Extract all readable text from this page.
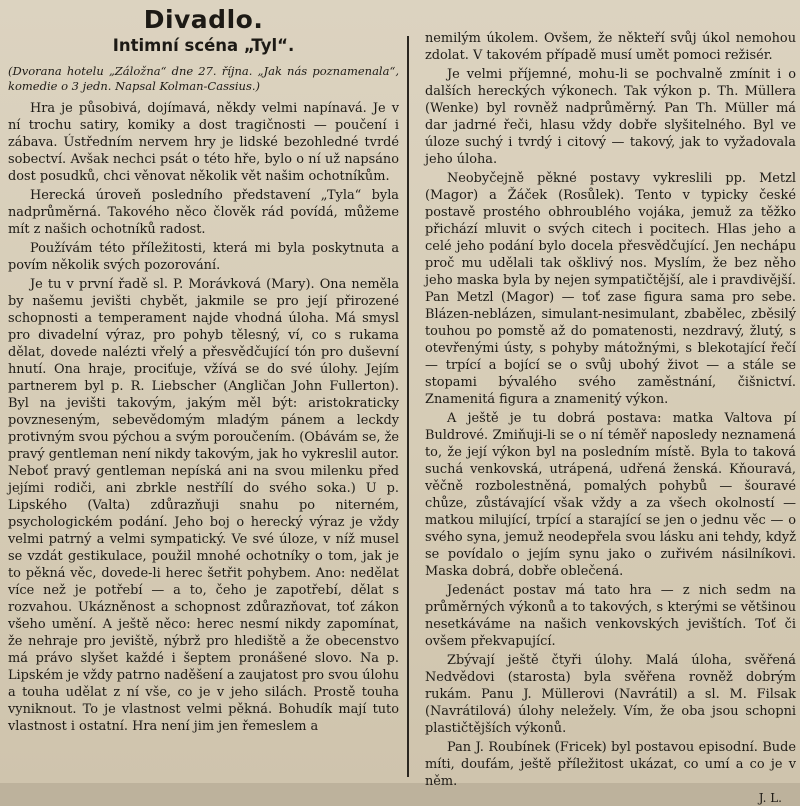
Divadlo.
Intimní scéna „Tyl“.

(Dvorana hotelu „Záložna“ dne 27. října. „Jak nás poznamenala“, komedie o 3 jedn. Napsal Kolman-Cassius.)

Hra je působivá, dojímavá, někdy velmi napínavá. Je v ní trochu satiry, komiky a dost tragičnosti — poučení i zábava. Ústředním nervem hry je lidské bezohledné tvrdé sobectví. Avšak nechci psát o této hře, bylo o ní už napsáno dost posudků, chci věnovat několik vět našim ochotníkům.

Herecká úroveň posledního představení „Tyla“ byla nadprůměrná. Takového něco člověk rád povídá, můžeme mít z našich ochotníků radost.

Používám této příležitosti, která mi byla poskytnuta a povím několik svých pozorování.

Je tu v první řadě sl. P. Morávková (Mary). Ona neměla by našemu jevišti chybět, jakmile se pro její přirozené schopnosti a temperament najde vhodná úloha. Má smysl pro divadelní výraz, pro pohyb tělesný, ví, co s rukama dělat, dovede nalézti vřelý a přesvědčující tón pro duševní hnutí. Ona hraje, prociťuje, vžívá se do své úlohy. Jejím partnerem byl p. R. Liebscher (Angličan John Fullerton). Byl na jevišti takovým, jakým měl být: aristokraticky povzneseným, sebevědomým mladým pánem a leckdy protivným svou pýchou a svým poroučením. (Obávám se, že pravý gentleman není nikdy takovým, jak ho vykreslil autor. Neboť pravý gentleman nepíská ani na svou milenku před jejími rodiči, ani zbrkle nestřílí do svého soka.) U p. Lipského (Valta) zdůrazňuji snahu po niterném, psychologickém podání. Jeho boj o herecký výraz je vždy velmi patrný a velmi sympatický. Ve své úloze, v níž musel se vzdát gestikulace, použil mnohé ochotníky o tom, jak je to pěkná věc, dovede-li herec šetřit pohybem. Ano: nedělat více než je potřebí — a to, čeho je zapotřebí, dělat s rozvahou. Ukázněnost a schopnost zdůrazňovat, toť zákon všeho umění. A ještě něco: herec nesmí nikdy zapomínat, že nehraje pro jeviště, nýbrž pro hlediště a že obecenstvo má právo slyšet každé i šeptem pronášené slovo. Na p. Lipském je vždy patrno naděšení a zaujatost pro svou úlohu a touha udělat z ní vše, co je v jeho silách. Prostě touha vyniknout. To je vlastnost velmi pěkná. Bohudík mají tuto vlastnost i ostatní. Hra není jim jen řemeslem a

nemilým úkolem. Ovšem, že někteří svůj úkol nemohou zdolat. V takovém případě musí umět pomoci režisér.

Je velmi příjemné, mohu-li se pochvalně zmínit i o dalších hereckých výkonech. Tak výkon p. Th. Müllera (Wenke) byl rovněž nadprůměrný. Pan Th. Müller má dar jadrné řeči, hlasu vždy dobře slyšitelného. Byl ve úloze suchý i tvrdý i citový — takový, jak to vyžadovala jeho úloha.

Neobyčejně pěkné postavy vykreslili pp. Metzl (Magor) a Žáček (Rosůlek). Tento v typicky české postavě prostého obhroublého vojáka, jemuž za těžko přichází mluvit o svých citech i pocitech. Hlas jeho a celé jeho podání bylo docela přesvědčující. Jen nechápu proč mu udělali tak ošklivý nos. Myslím, že bez něho jeho maska byla by nejen sympatičtější, ale i pravdivější. Pan Metzl (Magor) — toť zase figura sama pro sebe. Blázen-neblázen, simulant-nesimulant, zbabělec, zběsilý touhou po pomstě až do pomatenosti, nezdravý, žlutý, s otevřenými ústy, s pohyby mátožnými, s blekotající řečí — trpící a bojící se o svůj ubohý život — a stále se stopami bývalého svého zaměstnání, čišnictví. Znamenitá figura a znamenitý výkon.

A ještě je tu dobrá postava: matka Valtova pí Buldrové. Zmiňuji-li se o ní téměř naposledy neznamená to, že její výkon byl na posledním místě. Byla to taková suchá venkovská, utrápená, udřená ženská. Kňouravá, věčně rozbolestněná, pomalých pohybů — šouravé chůze, zůstávající však vždy a za všech okolností — matkou milující, trpící a starající se jen o jednu věc — o svého syna, jemuž neodepřela svou lásku ani tehdy, když se povídalo o jejím synu jako o zuřivém násilníkovi. Maska dobrá, dobře oblečená.

Jedenáct postav má tato hra — z nich sedm na průměrných výkonů a to takových, s kterými se většinou nesetkáváme na našich venkovských jevištích. Toť či ovšem překvapující.

Zbývají ještě čtyři úlohy. Malá úloha, svěřená Nedvědovi (starosta) byla svěřena rovněž dobrým rukám. Panu J. Müllerovi (Navrátil) a sl. M. Filsak (Navrátilová) úlohy neležely. Vím, že oba jsou schopni plastičtějších výkonů.

Pan J. Roubínek (Fricek) byl postavou episodní. Bude míti, doufám, ještě příležitost ukázat, co umí a co je v něm.

J. L.
